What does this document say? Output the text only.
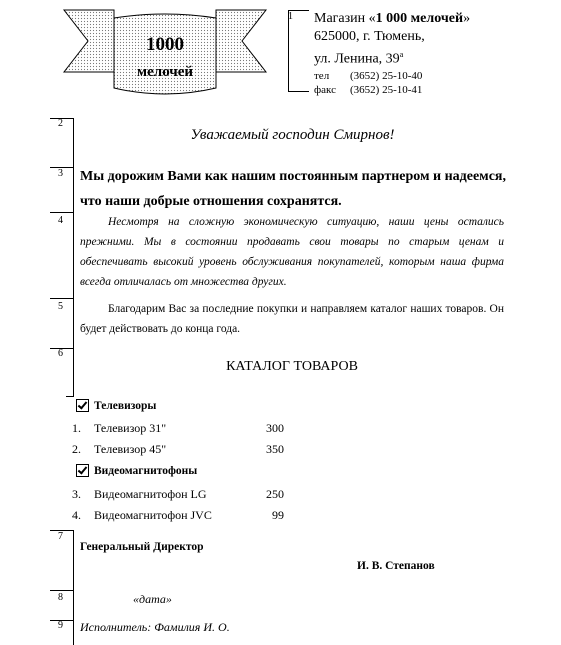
1000
мелочей
1 Магазин «1 000 мелочей»
625000, г. Тюмень,
ул. Ленина, $39^а$
тел (3652) 25-10-40
факс (3652) 25-10-41
2
3
4
5
6
7
8
9
Уважаемый господин Смирнов!
Мы дорожим Вами как нашим постоянным партнером и надеемся, что наши добрые отношения сохранятся.
Несмотря на сложную экономическую ситуацию, наши цены остались прежними. Мы в состоянии продавать свои товары по старым ценам и обеспечивать высокий уровень обслуживания покупателей, которым наша фирма всегда отличалась от множества других.
Благодарим Вас за последние покупки и направляем каталог наших товаров. Он будет действовать до конца года.
КАТАЛОГ ТОВАРОВ
Телевизоры
1.	Телевизор 31"	300
2.	Телевизор 45"	350
Видеомагнитофоны
3.	Видеомагнитофон LG	250
4.	Видеомагнитофон JVC	99
Генеральный Директор
И. В. Степанов
«дата»
Исполнитель: Фамилия И. О.
